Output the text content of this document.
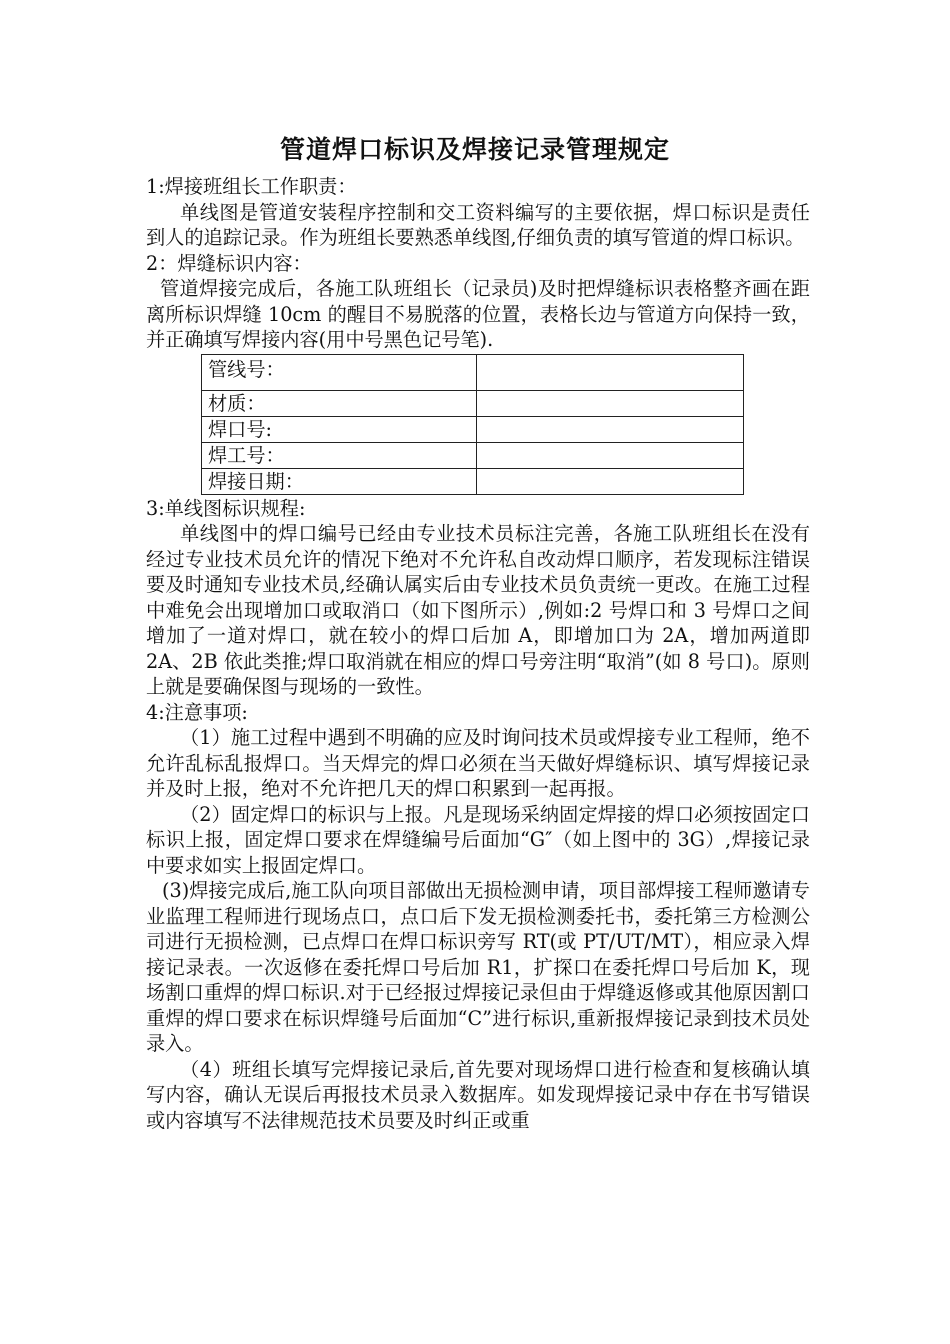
管道焊口标识及焊接记录管理规定

1:焊接班组长工作职责：

单线图是管道安装程序控制和交工资料编写的主要依据，焊口标识是责任到人的追踪记录。作为班组长要熟悉单线图,仔细负责的填写管道的焊口标识。

2：焊缝标识内容：

管道焊接完成后，各施工队班组长（记录员)及时把焊缝标识表格整齐画在距离所标识焊缝 10cm 的醒目不易脱落的位置，表格长边与管道方向保持一致，并正确填写焊接内容(用中号黑色记号笔).

管线号：	
材质：	
焊口号:	
焊工号：	
焊接日期：	

3:单线图标识规程:

单线图中的焊口编号已经由专业技术员标注完善，各施工队班组长在没有经过专业技术员允许的情况下绝对不允许私自改动焊口顺序，若发现标注错误要及时通知专业技术员,经确认属实后由专业技术员负责统一更改。在施工过程中难免会出现增加口或取消口（如下图所示）,例如:2 号焊口和 3 号焊口之间增加了一道对焊口，就在较小的焊口后加 A，即增加口为 2A，增加两道即 2A、2B 依此类推;焊口取消就在相应的焊口号旁注明“取消”(如 8 号口)。原则上就是要确保图与现场的一致性。

4:注意事项:

（1）施工过程中遇到不明确的应及时询问技术员或焊接专业工程师，绝不允许乱标乱报焊口。当天焊完的焊口必须在当天做好焊缝标识、填写焊接记录并及时上报，绝对不允许把几天的焊口积累到一起再报。

（2）固定焊口的标识与上报。凡是现场采纳固定焊接的焊口必须按固定口标识上报，固定焊口要求在焊缝编号后面加“G″（如上图中的 3G）,焊接记录中要求如实上报固定焊口。

(3)焊接完成后,施工队向项目部做出无损检测申请，项目部焊接工程师邀请专业监理工程师进行现场点口，点口后下发无损检测委托书，委托第三方检测公司进行无损检测，已点焊口在焊口标识旁写 RT(或 PT/UT/MT），相应录入焊接记录表。一次返修在委托焊口号后加 R1，扩探口在委托焊口号后加 K，现场割口重焊的焊口标识.对于已经报过焊接记录但由于焊缝返修或其他原因割口重焊的焊口要求在标识焊缝号后面加“C”进行标识,重新报焊接记录到技术员处录入。

（4）班组长填写完焊接记录后,首先要对现场焊口进行检查和复核确认填写内容，确认无误后再报技术员录入数据库。如发现焊接记录中存在书写错误或内容填写不法律规范技术员要及时纠正或重
